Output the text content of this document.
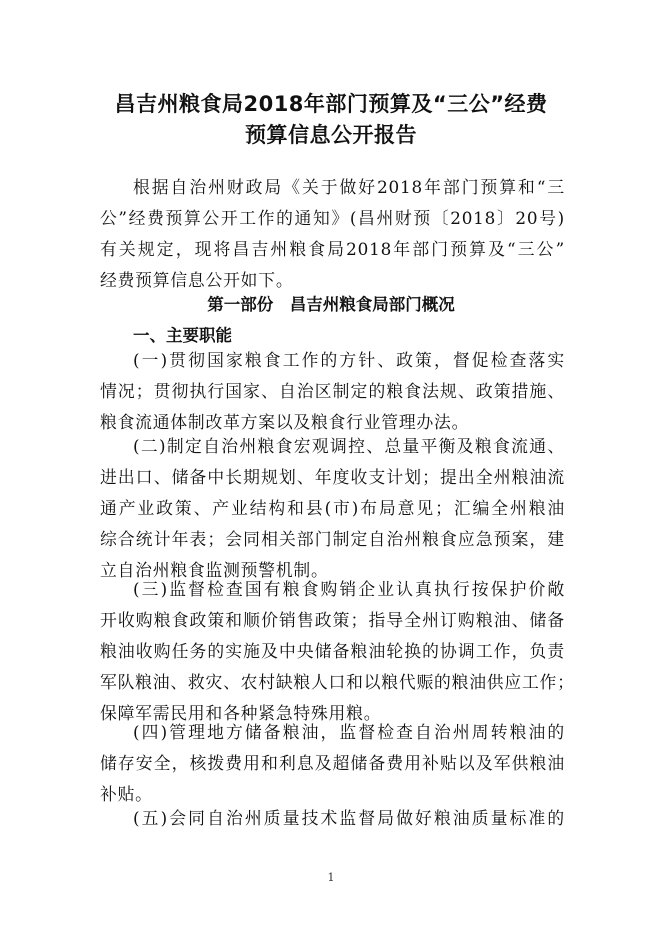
昌吉州粮食局2018年部门预算及“三公”经费
预算信息公开报告
根据自治州财政局《关于做好2018年部门预算和“三
公”经费预算公开工作的通知》(昌州财预〔2018〕20号)
有关规定，现将昌吉州粮食局2018年部门预算及“三公”
经费预算信息公开如下。
第一部份　昌吉州粮食局部门概况
一、主要职能
(一)贯彻国家粮食工作的方针、政策，督促检查落实
情况；贯彻执行国家、自治区制定的粮食法规、政策措施、
粮食流通体制改革方案以及粮食行业管理办法。
(二)制定自治州粮食宏观调控、总量平衡及粮食流通、
进出口、储备中长期规划、年度收支计划；提出全州粮油流
通产业政策、产业结构和县(市)布局意见；汇编全州粮油
综合统计年表；会同相关部门制定自治州粮食应急预案，建
立自治州粮食监测预警机制。
(三)监督检查国有粮食购销企业认真执行按保护价敞
开收购粮食政策和顺价销售政策；指导全州订购粮油、储备
粮油收购任务的实施及中央储备粮油轮换的协调工作，负责
军队粮油、救灾、农村缺粮人口和以粮代赈的粮油供应工作；
保障军需民用和各种紧急特殊用粮。
(四)管理地方储备粮油，监督检查自治州周转粮油的
储存安全，核拨费用和利息及超储备费用补贴以及军供粮油
补贴。
(五)会同自治州质量技术监督局做好粮油质量标准的
1
